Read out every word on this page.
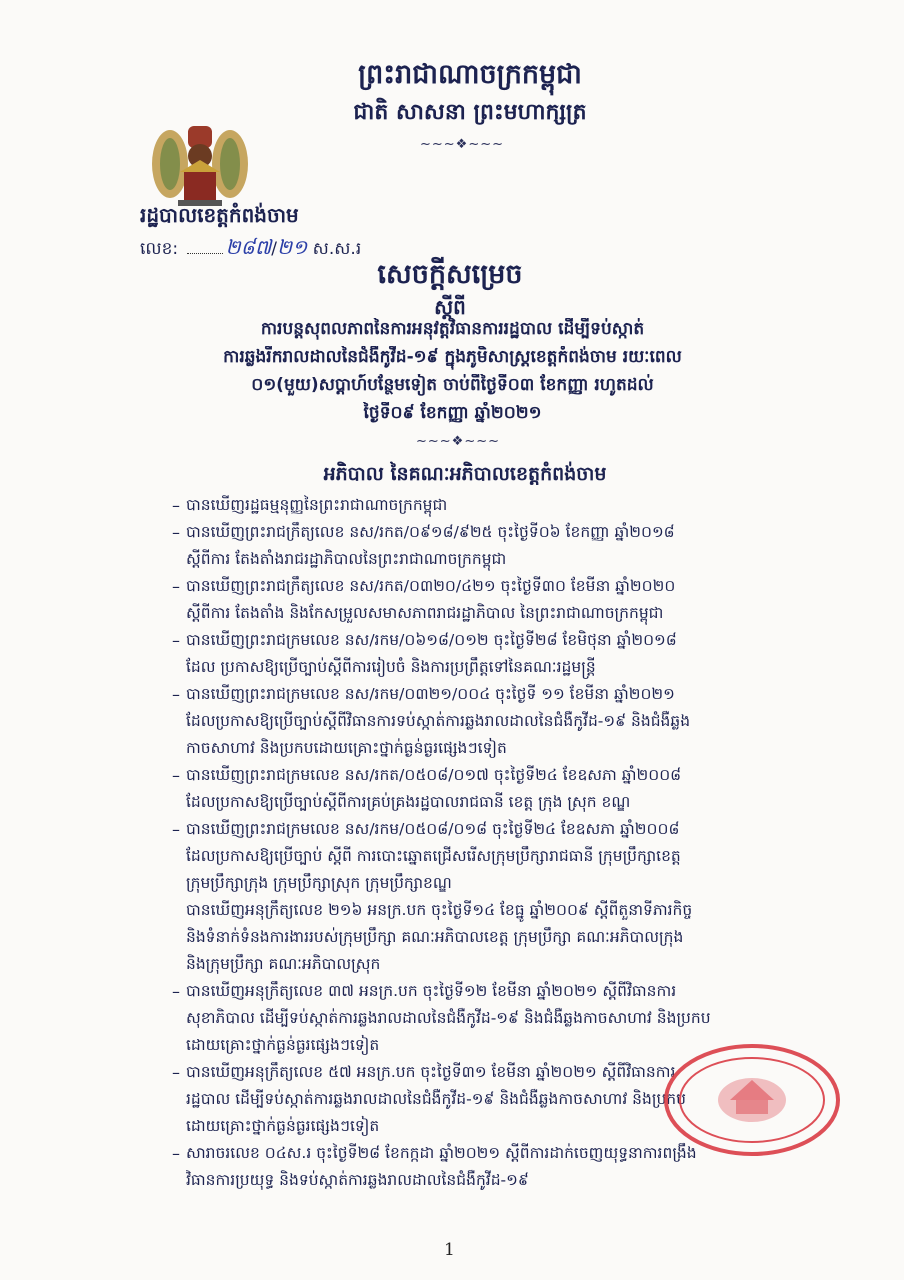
ព្រះរាជាណាចក្រកម្ពុជា
ជាតិ សាសនា ព្រះមហាក្សត្រ
~~~❖~~~
រដ្ឋបាលខេត្តកំពង់ចាម
លេខ: ២៨៧/២១ ស.ស.រ
សេចក្ដីសម្រេច
ស្ដីពី
ការបន្តសុពលភាពនៃការអនុវត្តវិធានការរដ្ឋបាល ដើម្បីទប់ស្កាត់
ការឆ្លងរីករាលដាលនៃជំងឺកូវីដ-១៩ ក្នុងភូមិសាស្ត្រខេត្តកំពង់ចាម រយៈពេល
០១(មួយ)សប្តាហ៍បន្ថែមទៀត ចាប់ពីថ្ងៃទី០៣ ខែកញ្ញា រហូតដល់
ថ្ងៃទី០៩ ខែកញ្ញា ឆ្នាំ២០២១
~~~❖~~~
អភិបាល នៃគណៈអភិបាលខេត្តកំពង់ចាម
– បានឃើញរដ្ឋធម្មនុញ្ញនៃព្រះរាជាណាចក្រកម្ពុជា
– បានឃើញព្រះរាជក្រឹត្យលេខ នស/រកត/០៩១៨/៩២៥ ចុះថ្ងៃទី០៦ ខែកញ្ញា ឆ្នាំ២០១៨
ស្ដីពីការ តែងតាំងរាជរដ្ឋាភិបាលនៃព្រះរាជាណាចក្រកម្ពុជា
– បានឃើញព្រះរាជក្រឹត្យលេខ នស/រកត/០៣២០/៤២១ ចុះថ្ងៃទី៣០ ខែមីនា ឆ្នាំ២០២០
ស្ដីពីការ តែងតាំង និងកែសម្រួលសមាសភាពរាជរដ្ឋាភិបាល នៃព្រះរាជាណាចក្រកម្ពុជា
– បានឃើញព្រះរាជក្រមលេខ នស/រកម/០៦១៨/០១២ ចុះថ្ងៃទី២៨ ខែមិថុនា ឆ្នាំ២០១៨
ដែល ប្រកាសឱ្យប្រើច្បាប់ស្ដីពីការរៀបចំ និងការប្រព្រឹត្តទៅនៃគណៈរដ្ឋមន្ត្រី
– បានឃើញព្រះរាជក្រមលេខ នស/រកម/០៣២១/០០៤ ចុះថ្ងៃទី ១១ ខែមីនា ឆ្នាំ២០២១
ដែលប្រកាសឱ្យប្រើច្បាប់ស្ដីពីវិធានការទប់ស្កាត់ការឆ្លងរាលដាលនៃជំងឺកូវីដ-១៩ និងជំងឺឆ្លង
កាចសាហាវ និងប្រកបដោយគ្រោះថ្នាក់ធ្ងន់ធ្ងរផ្សេងៗទៀត
– បានឃើញព្រះរាជក្រមលេខ នស/រកត/០៥០៨/០១៧ ចុះថ្ងៃទី២៤ ខែឧសភា ឆ្នាំ២០០៨
ដែលប្រកាសឱ្យប្រើច្បាប់ស្ដីពីការគ្រប់គ្រងរដ្ឋបាលរាជធានី ខេត្ត ក្រុង ស្រុក ខណ្ឌ
– បានឃើញព្រះរាជក្រមលេខ នស/រកម/០៥០៨/០១៨ ចុះថ្ងៃទី២៤ ខែឧសភា ឆ្នាំ២០០៨
ដែលប្រកាសឱ្យប្រើច្បាប់ ស្ដីពី ការបោះឆ្នោតជ្រើសរើសក្រុមប្រឹក្សារាជធានី ក្រុមប្រឹក្សាខេត្ត
ក្រុមប្រឹក្សាក្រុង ក្រុមប្រឹក្សាស្រុក ក្រុមប្រឹក្សាខណ្ឌ
បានឃើញអនុក្រឹត្យលេខ ២១៦ អនក្រ.បក ចុះថ្ងៃទី១៤ ខែធ្នូ ឆ្នាំ២០០៩ ស្ដីពីតួនាទីភារកិច្ច
និងទំនាក់ទំនងការងាររបស់ក្រុមប្រឹក្សា គណៈអភិបាលខេត្ត ក្រុមប្រឹក្សា គណៈអភិបាលក្រុង
និងក្រុមប្រឹក្សា គណៈអភិបាលស្រុក
– បានឃើញអនុក្រឹត្យលេខ ៣៧ អនក្រ.បក ចុះថ្ងៃទី១២ ខែមីនា ឆ្នាំ២០២១ ស្ដីពីវិធានការ
សុខាភិបាល ដើម្បីទប់ស្កាត់ការឆ្លងរាលដាលនៃជំងឺកូវីដ-១៩ និងជំងឺឆ្លងកាចសាហាវ និងប្រកប
ដោយគ្រោះថ្នាក់ធ្ងន់ធ្ងរផ្សេងៗទៀត
– បានឃើញអនុក្រឹត្យលេខ ៥៧ អនក្រ.បក ចុះថ្ងៃទី៣១ ខែមីនា ឆ្នាំ២០២១ ស្ដីពីវិធានការ
រដ្ឋបាល ដើម្បីទប់ស្កាត់ការឆ្លងរាលដាលនៃជំងឺកូវីដ-១៩ និងជំងឺឆ្លងកាចសាហាវ និងប្រកប
ដោយគ្រោះថ្នាក់ធ្ងន់ធ្ងរផ្សេងៗទៀត
– សារាចរលេខ ០៤ស.រ ចុះថ្ងៃទី២៨ ខែកក្កដា ឆ្នាំ២០២១ ស្ដីពីការដាក់ចេញយុទ្ធនាការពង្រឹង
វិធានការប្រយុទ្ធ និងទប់ស្កាត់ការឆ្លងរាលដាលនៃជំងឺកូវីដ-១៩
1
